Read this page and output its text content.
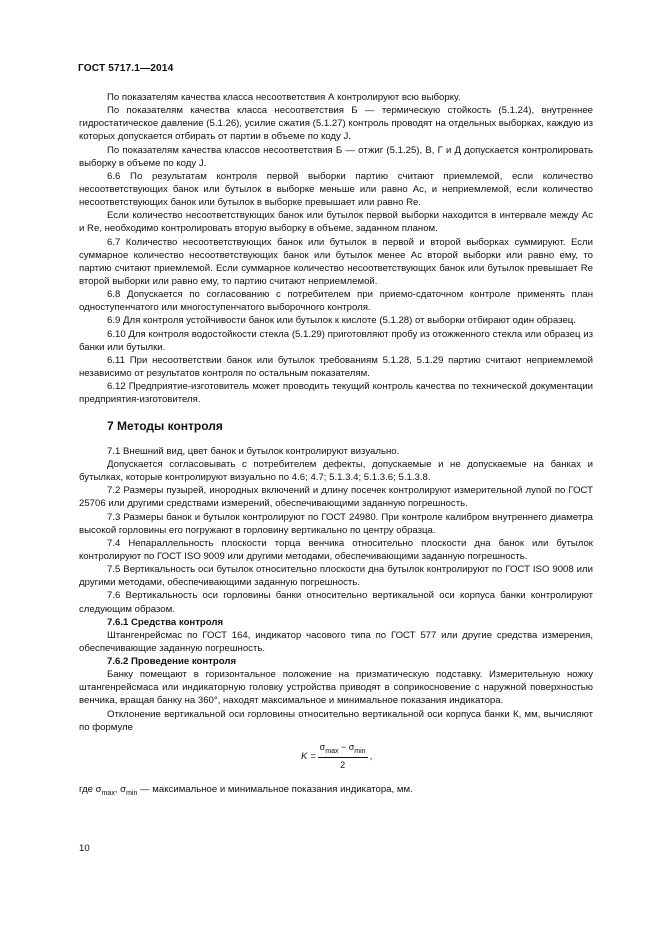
ГОСТ 5717.1—2014

По показателям качества класса несоответствия А контролируют всю выборку.

По показателям качества класса несоответствия Б — термическую стойкость (5.1.24), внутреннее гидростатическое давление (5.1.26), усилие сжатия (5.1.27) контроль проводят на отдельных выборках, каждую из которых допускается отбирать от партии в объеме по коду J.

По показателям качества классов несоответствия Б — отжиг (5.1.25), В, Г и Д допускается контролировать выборку в объеме по коду J.

6.6 По результатам контроля первой выборки партию считают приемлемой, если количество несоответствующих банок или бутылок в выборке меньше или равно Ас, и неприемлемой, если количество несоответствующих банок или бутылок в выборке превышает или равно Re.

Если количество несоответствующих банок или бутылок первой выборки находится в интервале между Ас и Re, необходимо контролировать вторую выборку в объеме, заданном планом.

6.7 Количество несоответствующих банок или бутылок в первой и второй выборках суммируют. Если суммарное количество несоответствующих банок или бутылок менее Ас второй выборки или равно ему, то партию считают приемлемой. Если суммарное количество несоответствующих банок или бутылок превышает Re второй выборки или равно ему, то партию считают неприемлемой.

6.8 Допускается по согласованию с потребителем при приемо-сдаточном контроле применять план одноступенчатого или многоступенчатого выборочного контроля.

6.9 Для контроля устойчивости банок или бутылок к кислоте (5.1.28) от выборки отбирают один образец.

6.10 Для контроля водостойкости стекла (5.1.29) приготовляют пробу из отожженного стекла или образец из банки или бутылки.

6.11 При несоответствии банок или бутылок требованиям 5.1.28, 5.1.29 партию считают неприемлемой независимо от результатов контроля по остальным показателям.

6.12 Предприятие-изготовитель может проводить текущий контроль качества по технической документации предприятия-изготовителя.

7 Методы контроля

7.1 Внешний вид, цвет банок и бутылок контролируют визуально.

Допускается согласовывать с потребителем дефекты, допускаемые и не допускаемые на банках и бутылках, которые контролируют визуально по 4.6; 4.7; 5.1.3.4; 5.1.3.6; 5.1.3.8.

7.2 Размеры пузырей, инородных включений и длину посечек контролируют измерительной лупой по ГОСТ 25706 или другими средствами измерений, обеспечивающими заданную погрешность.

7.3 Размеры банок и бутылок контролируют по ГОСТ 24980. При контроле калибром внутреннего диаметра высокой горловины его погружают в горловину вертикально по центру образца.

7.4 Непараллельность плоскости торца венчика относительно плоскости дна банок или бутылок контролируют по ГОСТ ISO 9009 или другими методами, обеспечивающими заданную погрешность.

7.5 Вертикальность оси бутылок относительно плоскости дна бутылок контролируют по ГОСТ ISO 9008 или другими методами, обеспечивающими заданную погрешность.

7.6 Вертикальность оси горловины банки относительно вертикальной оси корпуса банки контролируют следующим образом.

7.6.1 Средства контроля

Штангенрейсмас по ГОСТ 164, индикатор часового типа по ГОСТ 577 или другие средства измерения, обеспечивающие заданную погрешность.

7.6.2 Проведение контроля

Банку помещают в горизонтальное положение на призматическую подставку. Измерительную ножку штангенрейсмаса или индикаторную головку устройства приводят в соприкосновение с наружной поверхностью венчика, вращая банку на 360°, находят максимальное и минимальное показания индикатора.

Отклонение вертикальной оси горловины относительно вертикальной оси корпуса банки К, мм, вычисляют по формуле

$K = \frac{\sigma_{max} - \sigma_{min}}{2}$ ,

где $\sigma_{max}$, $\sigma_{min}$ — максимальное и минимальное показания индикатора, мм.

10
